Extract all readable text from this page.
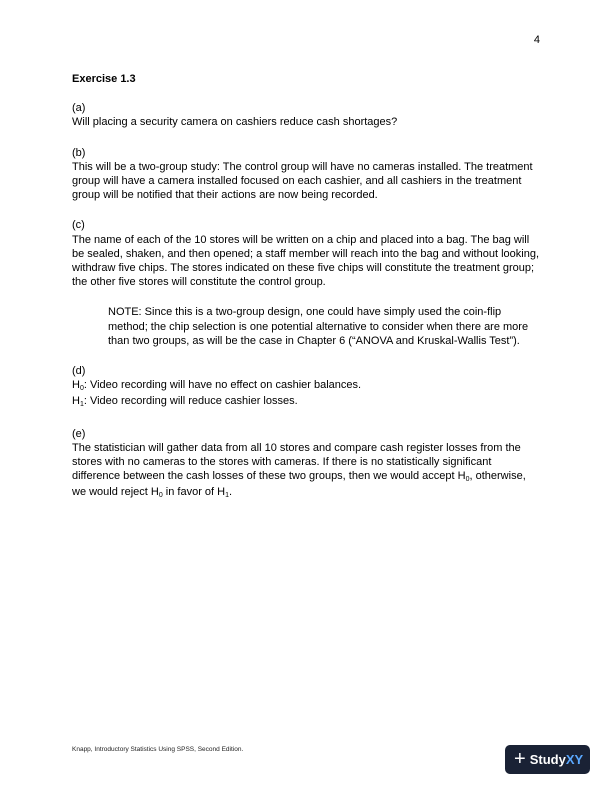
4

Exercise 1.3

(a)

Will placing a security camera on cashiers reduce cash shortages?

(b)

This will be a two-group study: The control group will have no cameras installed. The treatment group will have a camera installed focused on each cashier, and all cashiers in the treatment group will be notified that their actions are now being recorded.

(c)

The name of each of the 10 stores will be written on a chip and placed into a bag. The bag will be sealed, shaken, and then opened; a staff member will reach into the bag and without looking, withdraw five chips. The stores indicated on these five chips will constitute the treatment group; the other five stores will constitute the control group.

NOTE: Since this is a two-group design, one could have simply used the coin-flip method; the chip selection is one potential alternative to consider when there are more than two groups, as will be the case in Chapter 6 (“ANOVA and Kruskal-Wallis Test”).

(d)

$H_0$: Video recording will have no effect on cashier balances.

$H_1$: Video recording will reduce cashier losses.

(e)

The statistician will gather data from all 10 stores and compare cash register losses from the stores with no cameras to the stores with cameras. If there is no statistically significant difference between the cash losses of these two groups, then we would accept $H_0$, otherwise, we would reject $H_0$ in favor of $H_1$.

Knapp, Introductory Statistics Using SPSS, Second Edition.	+ StudyXY
